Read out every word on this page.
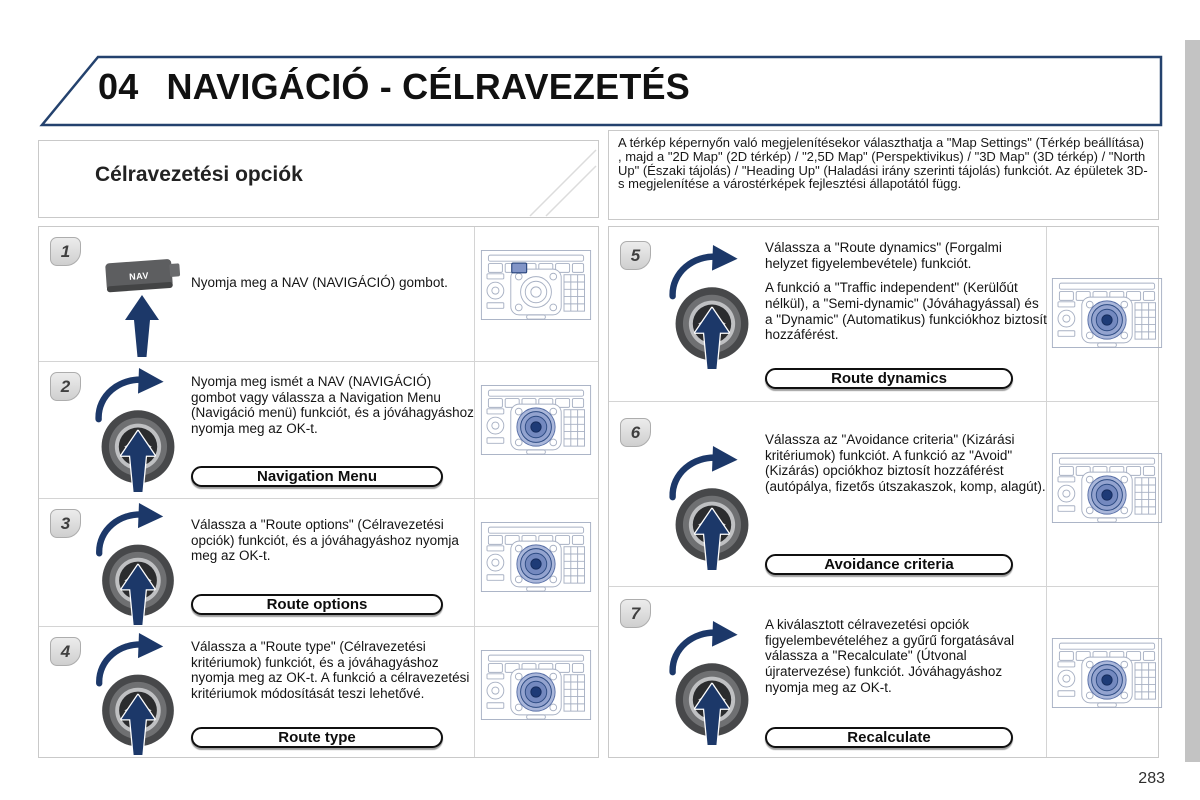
04 NAVIGÁCIÓ - CÉLRAVEZETÉS
Célravezetési opciók
A térkép képernyőn való megjelenítésekor választhatja a "Map Settings" (Térkép beállítása) , majd a "2D Map" (2D térkép) / "2,5D Map" (Perspektivikus) / "3D Map" (3D térkép) / "North Up" (Északi tájolás) / "Heading Up" (Haladási irány szerinti tájolás) funkciót. Az épületek 3D-s megjelenítése a várostérképek fejlesztési állapotától függ.
1

Nyomja meg a NAV (NAVIGÁCIÓ) gombot.

2	Nyomja meg ismét a NAV (NAVIGÁCIÓ) gombot vagy válassza a Navigation Menu (Navigáció menü) funkciót, és a jóváhagyáshoz nyomja meg az OK-t.

Navigation Menu
3	Válassza a "Route options" (Célravezetési opciók) funkciót, és a jóváhagyáshoz nyomja meg az OK-t.

Route options
4	Válassza a "Route type" (Célravezetési kritériumok) funkciót, és a jóváhagyáshoz nyomja meg az OK-t. A funkció a célravezetési kritériumok módosítását teszi lehetővé.

Route type
5	Válassza a "Route dynamics" (Forgalmi helyzet figyelembevétele) funkciót.

A funkció a "Traffic independent" (Kerülőút nélkül), a "Semi-dynamic" (Jóváhagyással) és a "Dynamic" (Automatikus) funkciókhoz biztosít hozzáférést.

Route dynamics
6	Válassza az "Avoidance criteria" (Kizárási kritériumok) funkciót. A funkció az "Avoid" (Kizárás) opciókhoz biztosít hozzáférést (autópálya, fizetős útszakaszok, komp, alagút).

Avoidance criteria
7

A kiválasztott célravezetési opciók figyelembevételéhez a gyűrű forgatásával válassza a "Recalculate" (Útvonal újratervezése) funkciót. Jóváhagyáshoz nyomja meg az OK-t.

Recalculate
283
